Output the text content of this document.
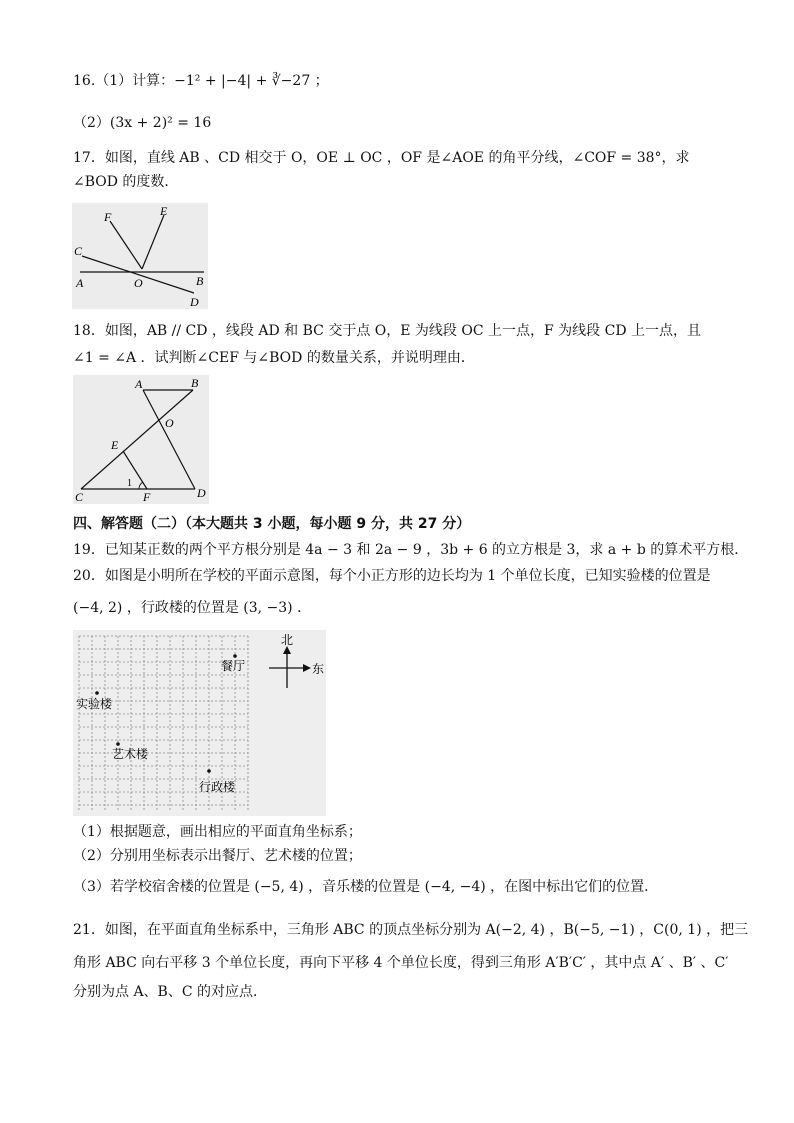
16.（1）计算：−1² + |−4| + ∛−27 ；
（2）(3x + 2)² = 16
17．如图，直线 AB 、CD 相交于 O，OE ⊥ OC ，OF 是∠AOE 的角平分线，∠COF = 38°，求
∠BOD 的度数．
F	E
C
A	O	B
D
18．如图，AB // CD ，线段 AD 和 BC 交于点 O，E 为线段 OC 上一点，F 为线段 CD 上一点，且
∠1 = ∠A ．试判断∠CEF 与∠BOD 的数量关系，并说明理由．
A	B
O
E
C	F	D
1
四、解答题（二）（本大题共 3 小题，每小题 9 分，共 27 分）
19．已知某正数的两个平方根分别是 4a − 3 和 2a − 9 ，3b + 6 的立方根是 3，求 a + b 的算术平方根．
20．如图是小明所在学校的平面示意图，每个小正方形的边长均为 1 个单位长度，已知实验楼的位置是
(−4, 2) ，行政楼的位置是 (3, −3) ．
餐厅
实验楼
艺术楼
行政楼
北
东
（1）根据题意，画出相应的平面直角坐标系；
（2）分别用坐标表示出餐厅、艺术楼的位置；
（3）若学校宿舍楼的位置是 (−5, 4) ，音乐楼的位置是 (−4, −4) ，在图中标出它们的位置．
21．如图，在平面直角坐标系中，三角形 ABC 的顶点坐标分别为 A(−2, 4) ，B(−5, −1) ，C(0, 1) ，把三
角形 ABC 向右平移 3 个单位长度，再向下平移 4 个单位长度，得到三角形 A′B′C′ ，其中点 A′ 、B′ 、C′
分别为点 A、B、C 的对应点．
